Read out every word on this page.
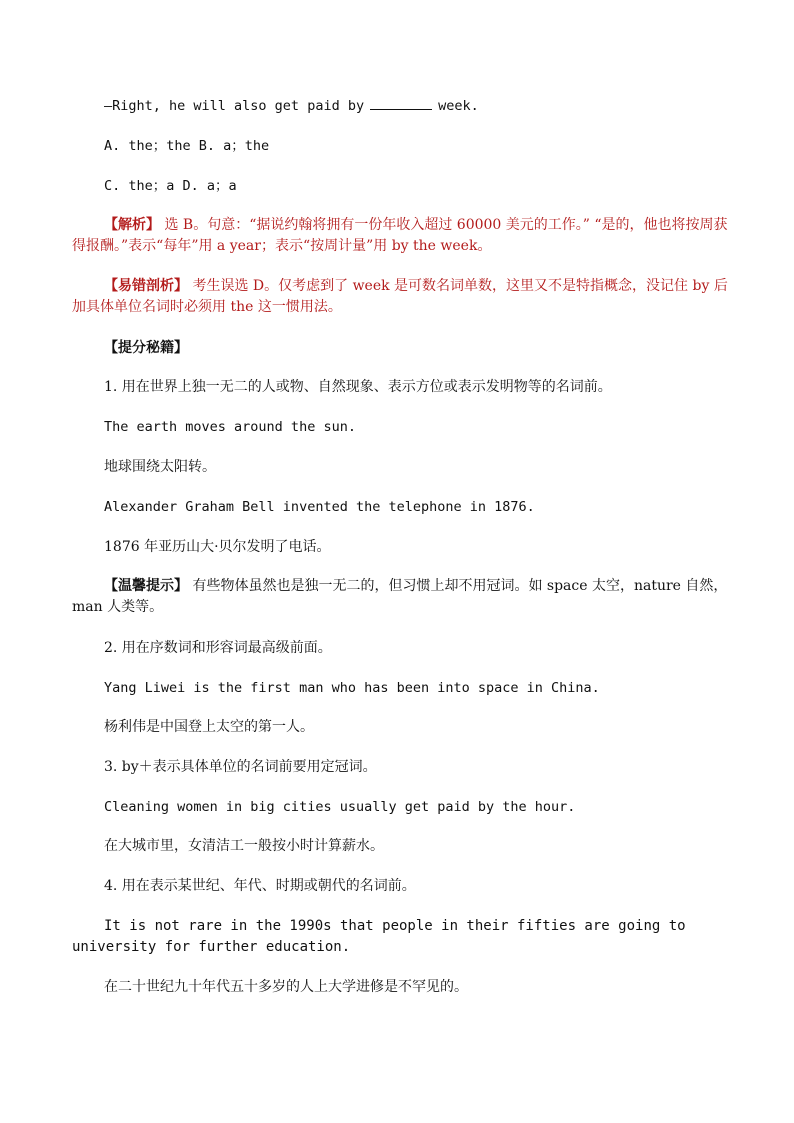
—Right, he will also get paid by	week.
A. the；the B. a；the
C. the；a D. a；a
【解析】 选 B。句意：“据说约翰将拥有一份年收入超过 60000 美元的工作。” “是的，他也将按周获得报酬。”表示“每年”用 a year；表示“按周计量”用 by the week。
【易错剖析】 考生误选 D。仅考虑到了 week 是可数名词单数，这里又不是特指概念，没记住 by 后加具体单位名词时必须用 the 这一惯用法。
【提分秘籍】
1. 用在世界上独一无二的人或物、自然现象、表示方位或表示发明物等的名词前。
The earth moves around the sun.
地球围绕太阳转。
Alexander Graham Bell invented the telephone in 1876.
1876 年亚历山大·贝尔发明了电话。
【温馨提示】 有些物体虽然也是独一无二的，但习惯上却不用冠词。如 space 太空，nature 自然，man 人类等。
2. 用在序数词和形容词最高级前面。
Yang Liwei is the first man who has been into space in China.
杨利伟是中国登上太空的第一人。
3. by＋表示具体单位的名词前要用定冠词。
Cleaning women in big cities usually get paid by the hour.
在大城市里，女清洁工一般按小时计算薪水。
4. 用在表示某世纪、年代、时期或朝代的名词前。
It is not rare in the 1990s that people in their fifties are going to university for further education.
在二十世纪九十年代五十多岁的人上大学进修是不罕见的。
